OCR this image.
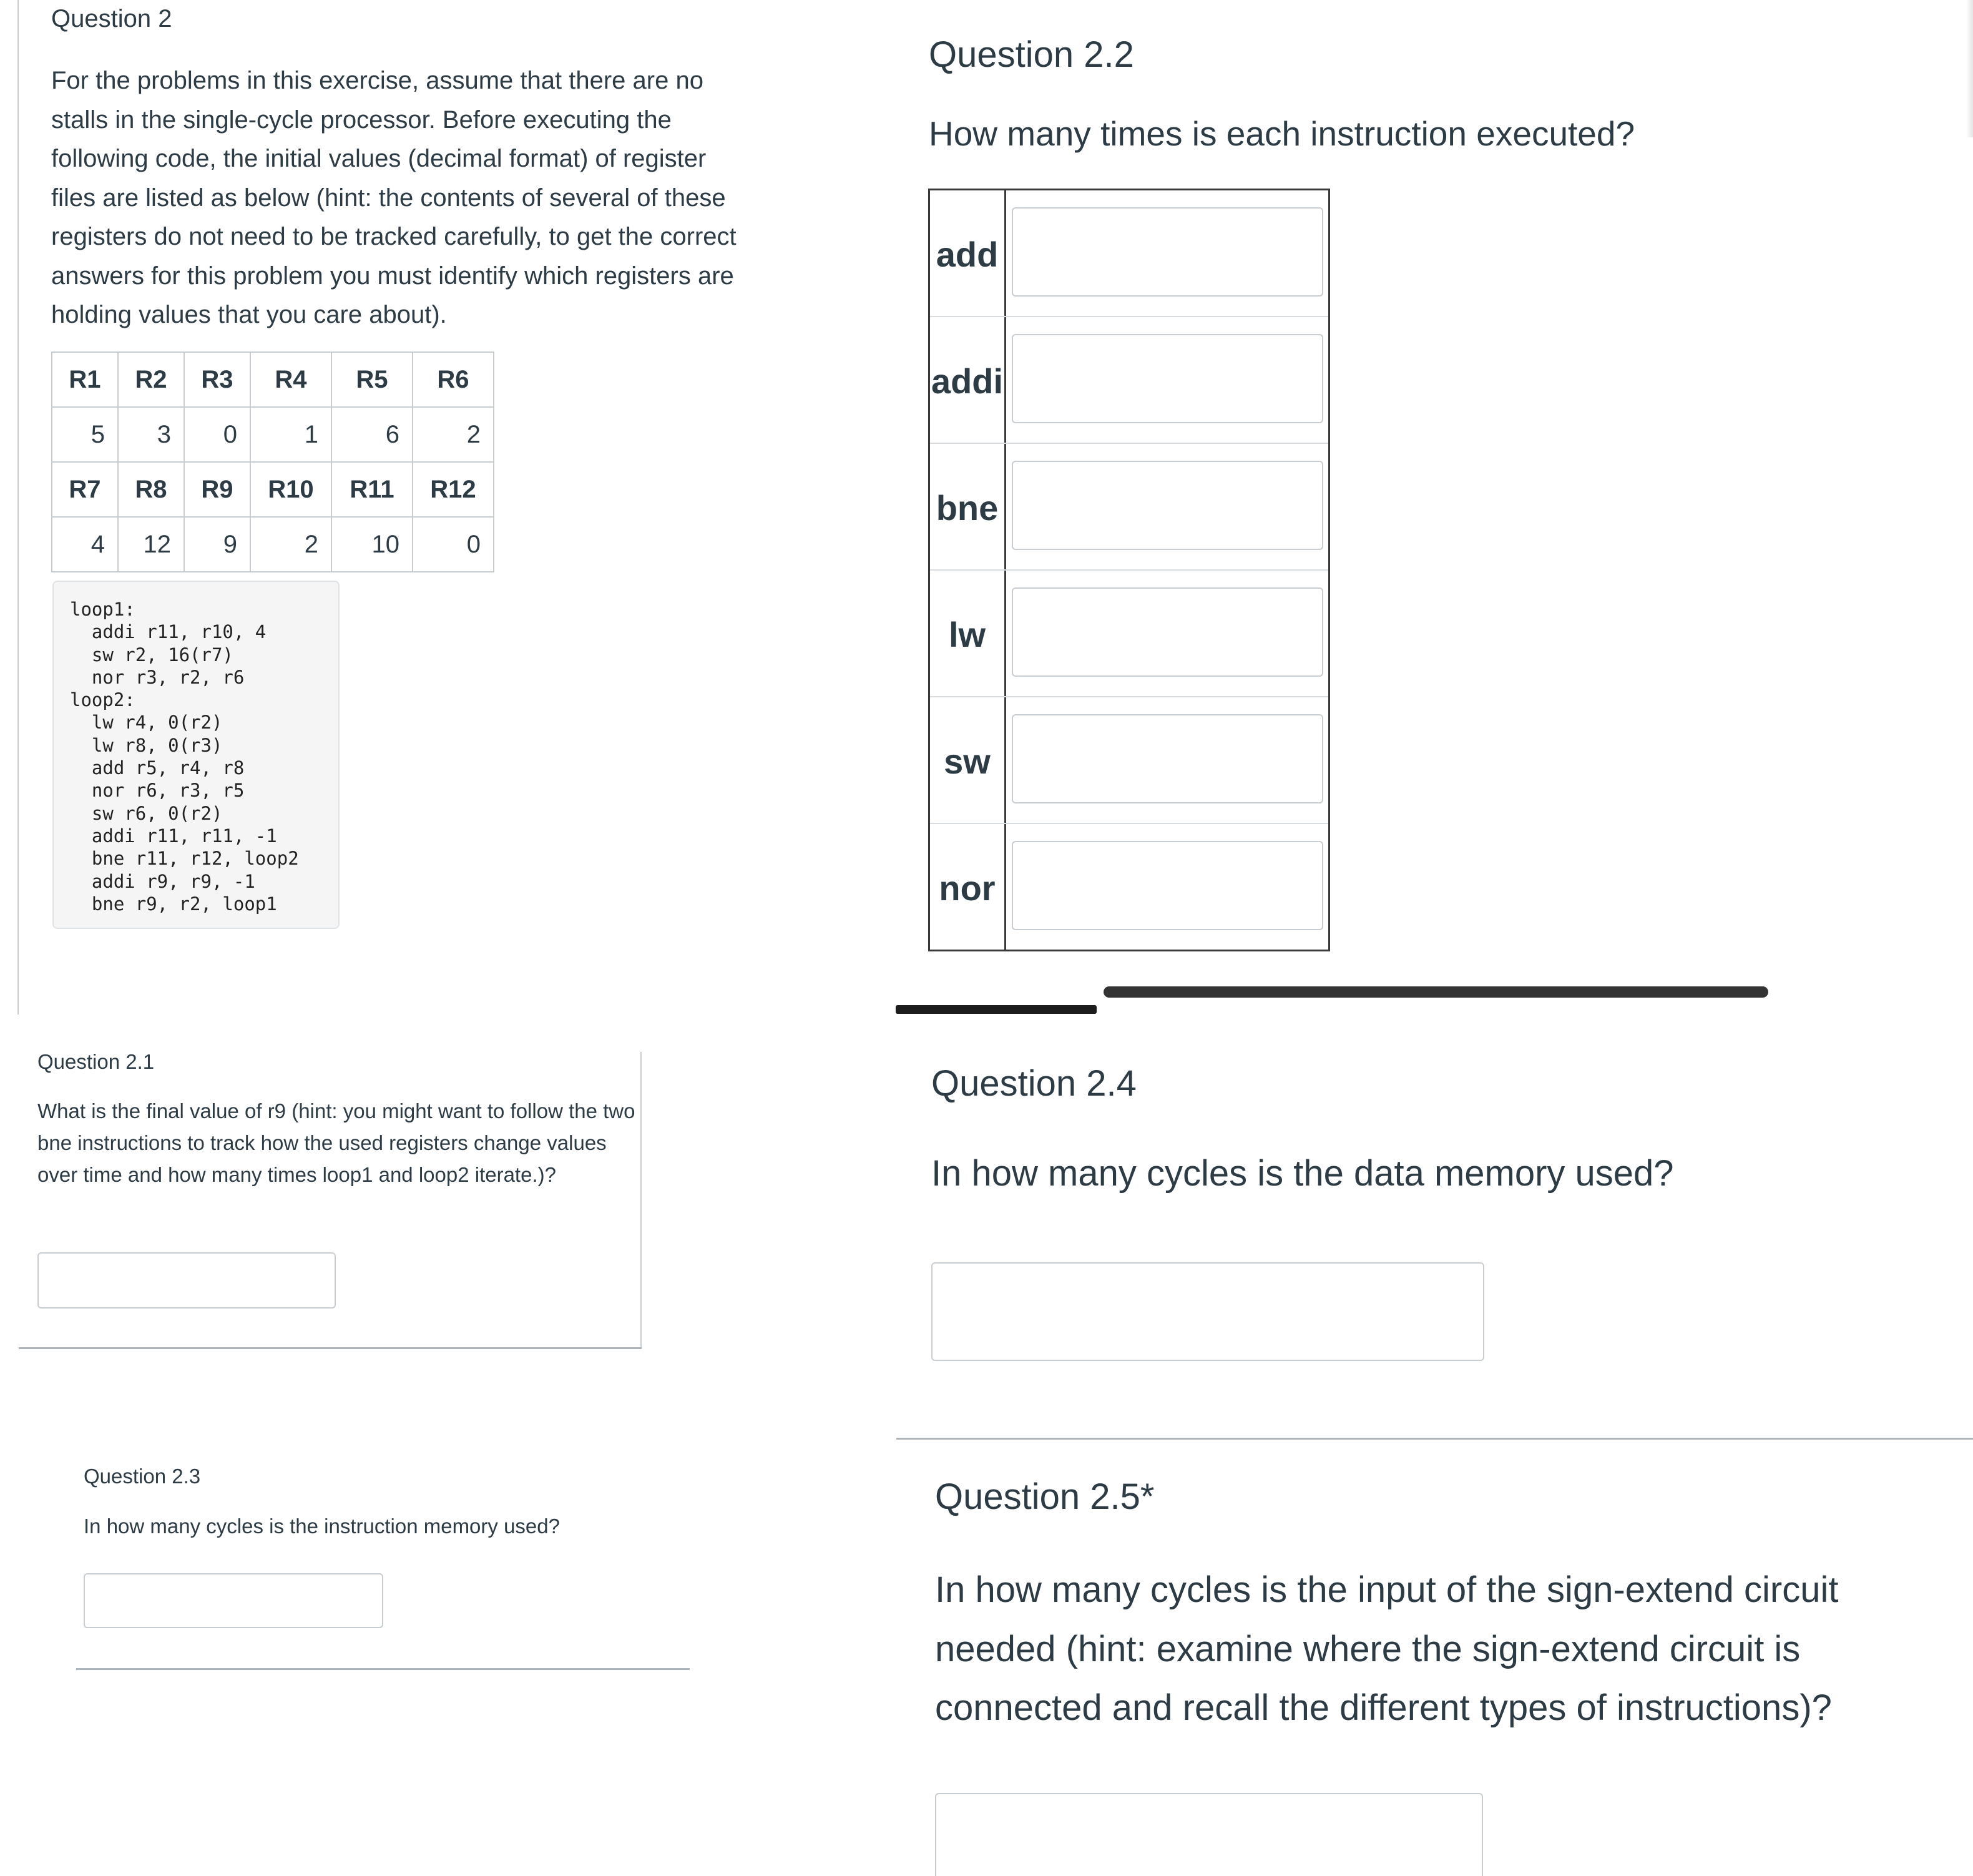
Question 2
For the problems in this exercise, assume that there are no stalls in the single-cycle processor. Before executing the following code, the initial values (decimal format) of register files are listed as below (hint: the contents of several of these registers do not need to be tracked carefully, to get the correct answers for this problem you must identify which registers are holding values that you care about).
R1	R2	R3	R4	R5	R6
5	3	0	1	6	2
R7	R8	R9	R10	R11	R12
4	12	9	2	10	0
loop1:
addi r11, r10, 4
sw r2, 16(r7)
nor r3, r2, r6
loop2:
lw r4, 0(r2)
lw r8, 0(r3)
add r5, r4, r8
nor r6, r3, r5
sw r6, 0(r2)
addi r11, r11, -1
bne r11, r12, loop2
addi r9, r9, -1
bne r9, r2, loop1
Question 2.1
What is the final value of r9 (hint: you might want to follow the two bne instructions to track how the used registers change values over time and how many times loop1 and loop2 iterate.)?
Question 2.3
In how many cycles is the instruction memory used?
Question 2.2
How many times is each instruction executed?
add
addi
bne
lw
sw
nor
Question 2.4
In how many cycles is the data memory used?
Question 2.5*
In how many cycles is the input of the sign-extend circuit needed (hint: examine where the sign-extend circuit is connected and recall the different types of instructions)?
